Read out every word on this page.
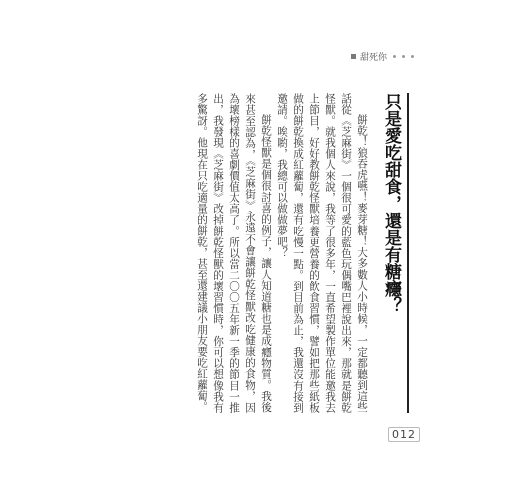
甜死你
只是愛吃甜食，還是有糖癮？

餅乾！狼吞虎嚥！麥芽糖！大多數人小時候，一定都聽到這些話從《芝麻街》一個很可愛的藍色玩偶嘴巴裡說出來，那就是餅乾怪獸。就我個人來說，我等了很多年，一直希望製作單位能邀我去上節目，好好教餅乾怪獸培養更營養的飲食習慣，譬如把那些紙板做的餅乾換成紅蘿蔔，還有吃慢一點。到目前為止，我還沒有接到邀請。唉喲，我總可以做做夢吧？

餅乾怪獸是個很討喜的例子，讓人知道糖也是成癮物質。我後來甚至認為，《芝麻街》永遠不會讓餅乾怪獸改吃健康的食物，因為壞榜樣的喜劇價值太高了。所以當二〇〇五年新一季的節目一推出，我發現《芝麻街》改掉餅乾怪獸的壞習慣時，你可以想像我有多驚訝。他現在只吃適量的餅乾，甚至還建議小朋友要吃紅蘿蔔。

012
